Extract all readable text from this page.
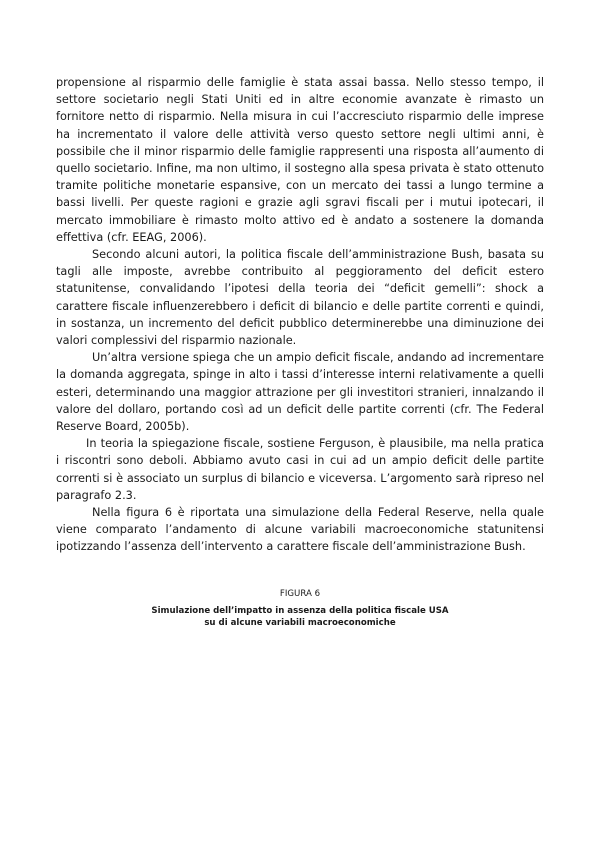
propensione al risparmio delle famiglie è stata assai bassa. Nello stesso tempo, il settore societario negli Stati Uniti ed in altre economie avanzate è rimasto un fornitore netto di risparmio. Nella misura in cui l’accresciuto risparmio delle imprese ha incrementato il valore delle attività verso questo settore negli ultimi anni, è possibile che il minor risparmio delle famiglie rappresenti una risposta all’aumento di quello societario. Infine, ma non ultimo, il sostegno alla spesa privata è stato ottenuto tramite politiche monetarie espansive, con un mercato dei tassi a lungo termine a bassi livelli. Per queste ragioni e grazie agli sgravi fiscali per i mutui ipotecari, il mercato immobiliare è rimasto molto attivo ed è andato a sostenere la domanda effettiva (cfr. EEAG, 2006).

Secondo alcuni autori, la politica fiscale dell’amministrazione Bush, basata su tagli alle imposte, avrebbe contribuito al peggioramento del deficit estero statunitense, convalidando l’ipotesi della teoria dei “deficit gemelli”: shock a carattere fiscale influenzerebbero i deficit di bilancio e delle partite correnti e quindi, in sostanza, un incremento del deficit pubblico determinerebbe una diminuzione dei valori complessivi del risparmio nazionale.

Un’altra versione spiega che un ampio deficit fiscale, andando ad incrementare la domanda aggregata, spinge in alto i tassi d’interesse interni relativamente a quelli esteri, determinando una maggior attrazione per gli investitori stranieri, innalzando il valore del dollaro, portando così ad un deficit delle partite correnti (cfr. The Federal Reserve Board, 2005b).

In teoria la spiegazione fiscale, sostiene Ferguson, è plausibile, ma nella pratica i riscontri sono deboli. Abbiamo avuto casi in cui ad un ampio deficit delle partite correnti si è associato un surplus di bilancio e viceversa. L’argomento sarà ripreso nel paragrafo 2.3.

Nella figura 6 è riportata una simulazione della Federal Reserve, nella quale viene comparato l’andamento di alcune variabili macroeconomiche statunitensi ipotizzando l’assenza dell’intervento a carattere fiscale dell’amministrazione Bush.

FIGURA 6

Simulazione dell’impatto in assenza della politica fiscale USA
su di alcune variabili macroeconomiche
